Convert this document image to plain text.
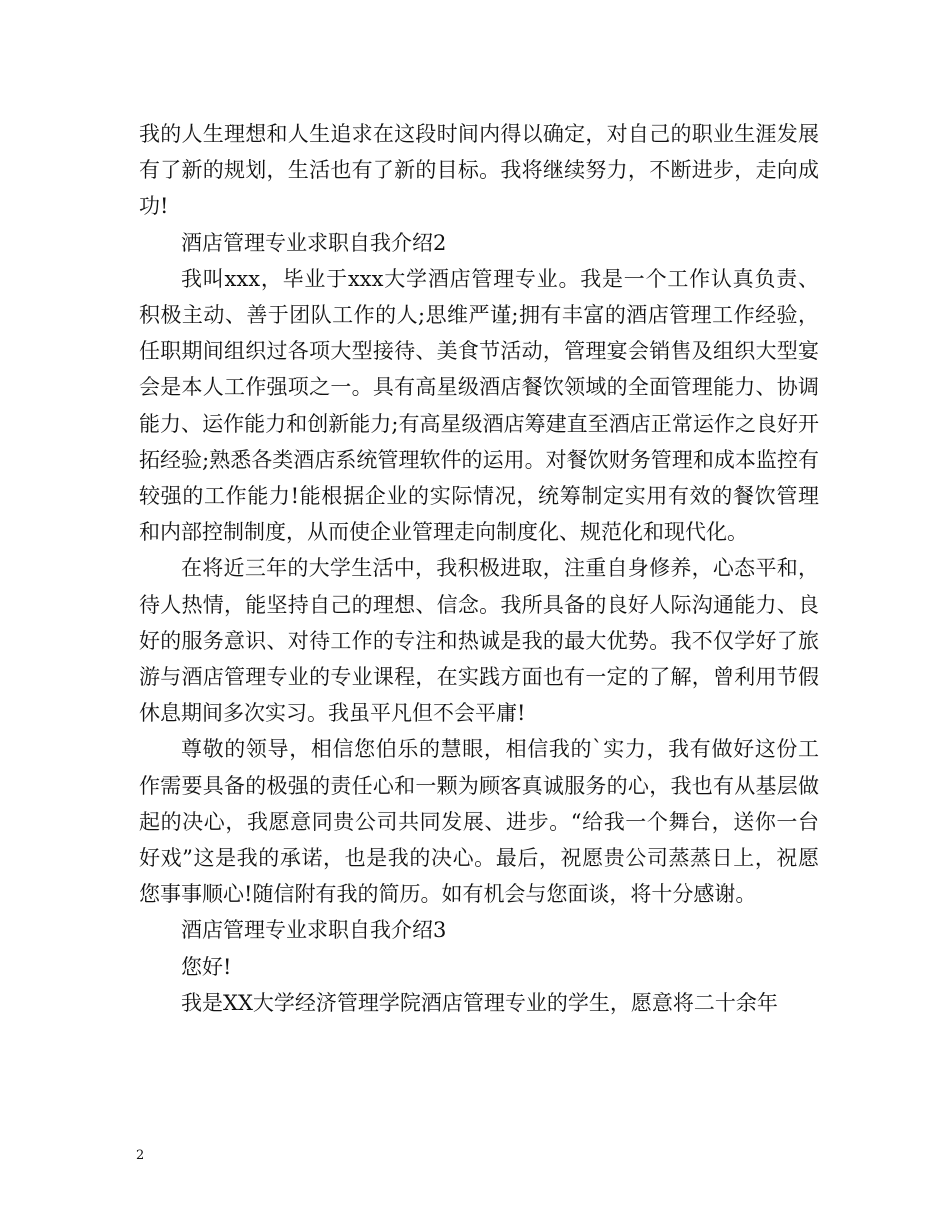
我的人生理想和人生追求在这段时间内得以确定，对自己的职业生涯发展有了新的规划，生活也有了新的目标。我将继续努力，不断进步，走向成功!

酒店管理专业求职自我介绍2

我叫xxx，毕业于xxx大学酒店管理专业。我是一个工作认真负责、积极主动、善于团队工作的人;思维严谨;拥有丰富的酒店管理工作经验，任职期间组织过各项大型接待、美食节活动，管理宴会销售及组织大型宴会是本人工作强项之一。具有高星级酒店餐饮领域的全面管理能力、协调能力、运作能力和创新能力;有高星级酒店筹建直至酒店正常运作之良好开拓经验;熟悉各类酒店系统管理软件的运用。对餐饮财务管理和成本监控有较强的工作能力!能根据企业的实际情况，统筹制定实用有效的餐饮管理和内部控制制度，从而使企业管理走向制度化、规范化和现代化。

在将近三年的大学生活中，我积极进取，注重自身修养，心态平和，待人热情，能坚持自己的理想、信念。我所具备的良好人际沟通能力、良好的服务意识、对待工作的专注和热诚是我的最大优势。我不仅学好了旅游与酒店管理专业的专业课程，在实践方面也有一定的了解，曾利用节假休息期间多次实习。我虽平凡但不会平庸!

尊敬的领导，相信您伯乐的慧眼，相信我的`实力，我有做好这份工作需要具备的极强的责任心和一颗为顾客真诚服务的心，我也有从基层做起的决心，我愿意同贵公司共同发展、进步。“给我一个舞台，送你一台好戏”这是我的承诺，也是我的决心。最后，祝愿贵公司蒸蒸日上，祝愿您事事顺心!随信附有我的简历。如有机会与您面谈，将十分感谢。

酒店管理专业求职自我介绍3

您好!

我是XX大学经济管理学院酒店管理专业的学生，愿意将二十余年

2
